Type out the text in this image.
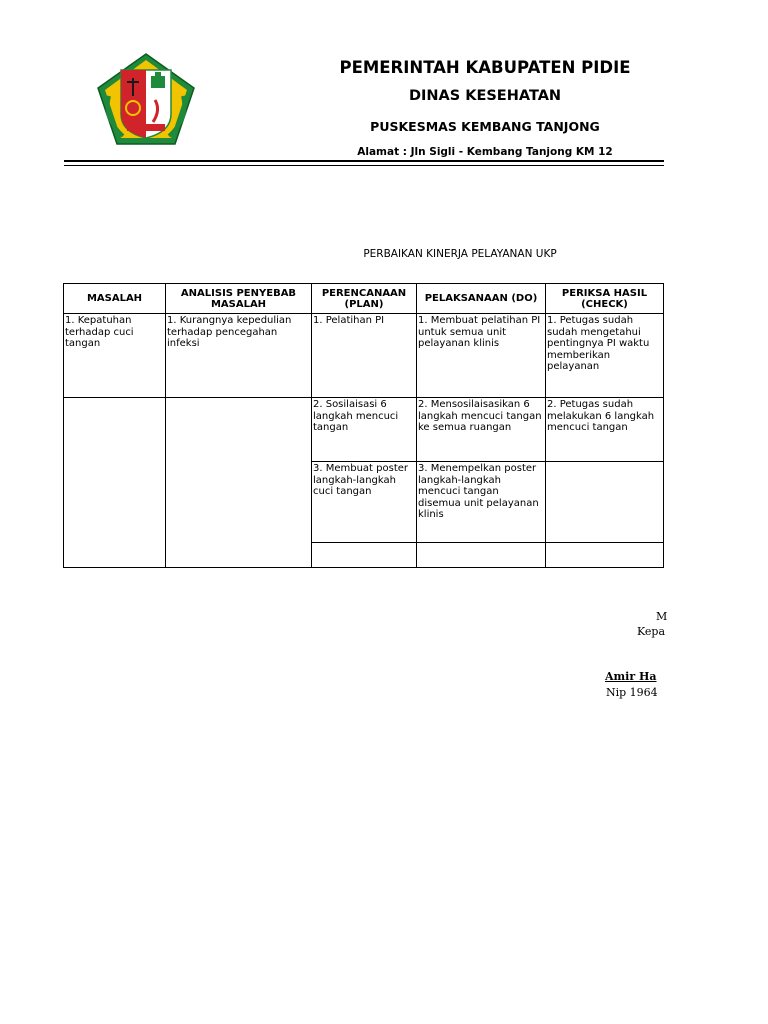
PEMERINTAH KABUPATEN PIDIE
DINAS KESEHATAN
PUSKESMAS KEMBANG TANJONG
Alamat : Jln Sigli - Kembang Tanjong KM 12
PERBAIKAN KINERJA PELAYANAN UKP
MASALAH	ANALISIS PENYEBAB MASALAH	PERENCANAAN (PLAN)	PELAKSANAAN (DO)	PERIKSA HASIL (CHECK)
1. Kepatuhan terhadap cuci tangan	1. Kurangnya kepedulian terhadap pencegahan infeksi	1. Pelatihan PI	1. Membuat pelatihan PI untuk semua unit pelayanan klinis	1. Petugas sudah sudah mengetahui pentingnya PI waktu memberikan pelayanan
		2. Sosilaisasi 6 langkah mencuci tangan	2. Mensosilaisasikan 6 langkah mencuci tangan ke semua ruangan	2. Petugas sudah melakukan 6 langkah mencuci tangan
		3. Membuat poster langkah-langkah cuci tangan	3. Menempelkan poster langkah-langkah mencuci tangan disemua unit pelayanan klinis	

M
Kepa
Amir Ha
Nip 1964
